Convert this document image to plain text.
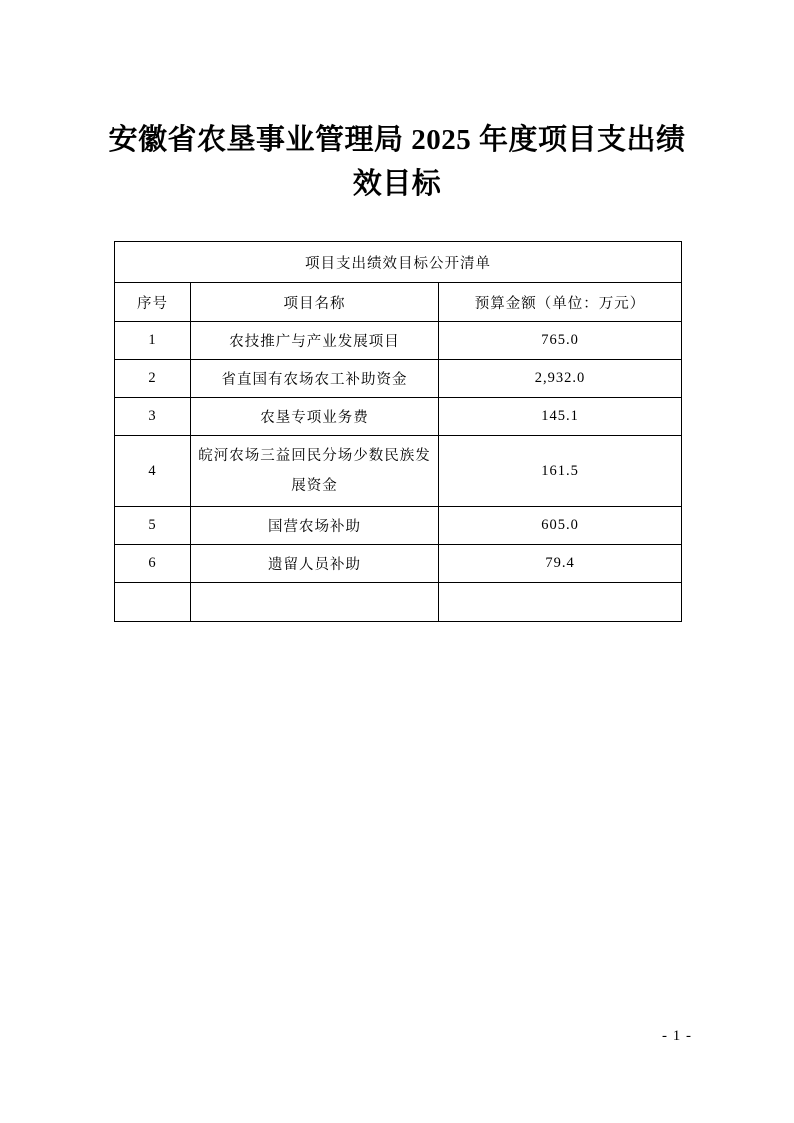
安徽省农垦事业管理局 2025 年度项目支出绩效目标
项目支出绩效目标公开清单		
序号	项目名称	预算金额（单位：万元）
1	农技推广与产业发展项目	765.0
2	省直国有农场农工补助资金	2,932.0
3	农垦专项业务费	145.1
4	皖河农场三益回民分场少数民族发展资金	161.5
5	国营农场补助	605.0
6	遗留人员补助	79.4

- 1 -
